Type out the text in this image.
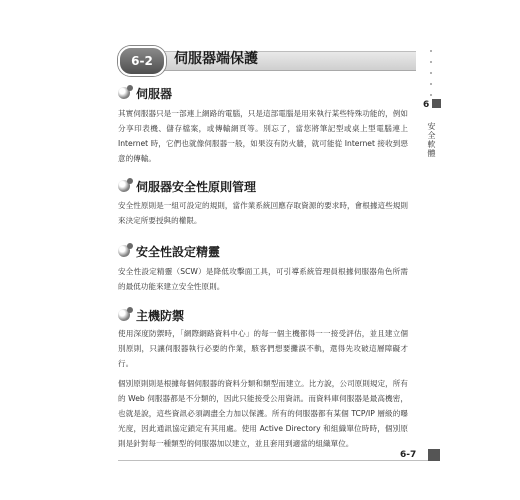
6-2	伺服器端保護
伺服器

其實伺服器只是一部連上網路的電腦，只是這部電腦是用來執行某些特殊功能的，例如分享印表機、儲存檔案，或傳輸網頁等。別忘了，當您將筆記型或桌上型電腦連上 Internet 時，它們也就像伺服器一般，如果沒有防火牆，就可能從 Internet 接收到惡意的傳輸。

伺服器安全性原則管理

安全性原則是一組可設定的規則，當作業系統回應存取資源的要求時，會根據這些規則來決定所要授與的權限。

安全性設定精靈

安全性設定精靈（SCW）是降低攻擊面工具，可引導系統管理員根據伺服器角色所需的最低功能來建立安全性原則。

主機防禦

使用深度防禦時，「網際網路資料中心」的每一個主機都得一一接受評估，並且建立個別原則，只讓伺服器執行必要的作業，駭客們想要攤誤不軌，還得先攻破這層障礙才行。

個別原則則是根據每個伺服器的資料分類和類型而建立。比方說，公司原則規定，所有的 Web 伺服器都是不分類的，因此只能接受公用資訊。而資料庫伺服器是最高機密，也就是說，這些資訊必須調盡全力加以保護。所有的伺服器都有某個 TCP/IP 層級的曝光度，因此通訊協定鎖定有其用處。使用 Active Directory 和組織單位時時，個別原則是針對每一種類型的伺服器加以建立，並且套用到適當的組織單位。

6
安全軟體
6-7
